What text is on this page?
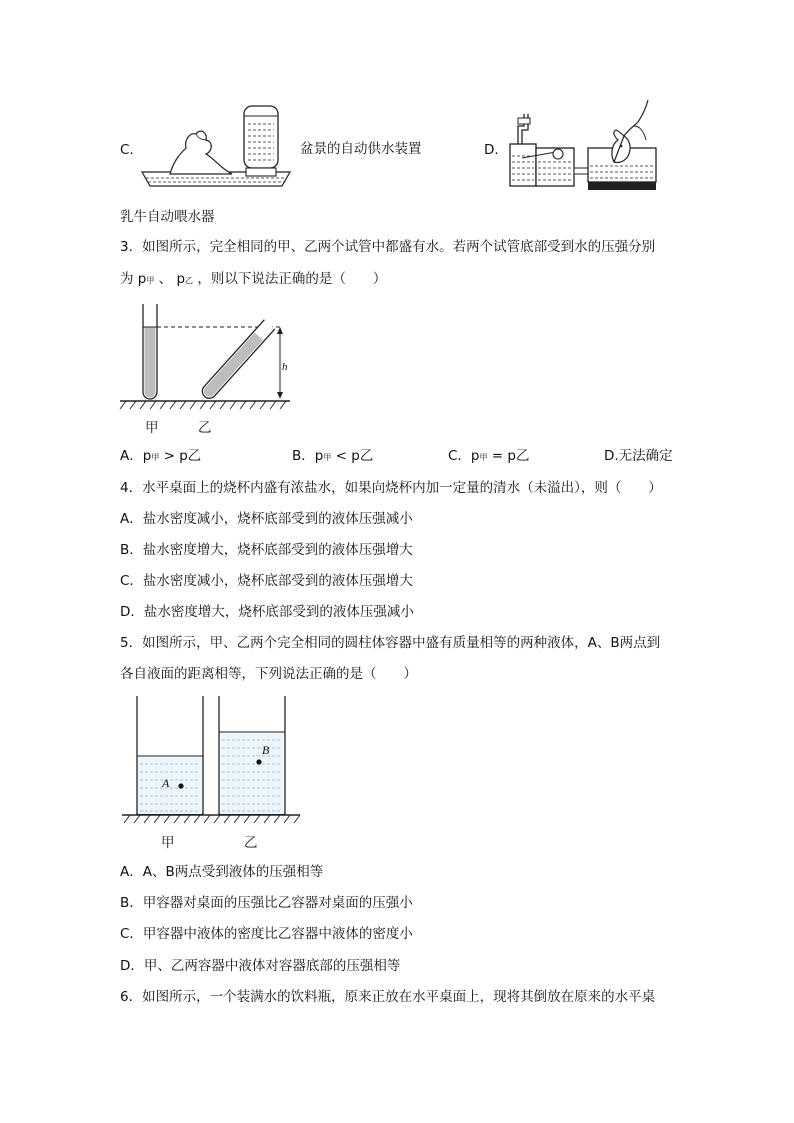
C.	盆景的自动供水装置	D.
乳牛自动喂水器
3．如图所示，完全相同的甲、乙两个试管中都盛有水。若两个试管底部受到水的压强分别
为 p甲 、 p乙 ，则以下说法正确的是（　　）
h
甲	乙
A．p甲 > p乙	B．p甲 < p乙	C．p甲 = p乙	D.无法确定
4．水平桌面上的烧杯内盛有浓盐水，如果向烧杯内加一定量的清水（未溢出），则（　　）
A．盐水密度减小，烧杯底部受到的液体压强减小
B．盐水密度增大，烧杯底部受到的液体压强增大
C．盐水密度减小，烧杯底部受到的液体压强增大
D．盐水密度增大，烧杯底部受到的液体压强减小
5．如图所示，甲、乙两个完全相同的圆柱体容器中盛有质量相等的两种液体，A、B两点到
各自液面的距离相等，下列说法正确的是（　　）
A
B
甲	乙
A．A、B两点受到液体的压强相等
B．甲容器对桌面的压强比乙容器对桌面的压强小
C．甲容器中液体的密度比乙容器中液体的密度小
D．甲、乙两容器中液体对容器底部的压强相等
6．如图所示，一个装满水的饮料瓶，原来正放在水平桌面上，现将其倒放在原来的水平桌
